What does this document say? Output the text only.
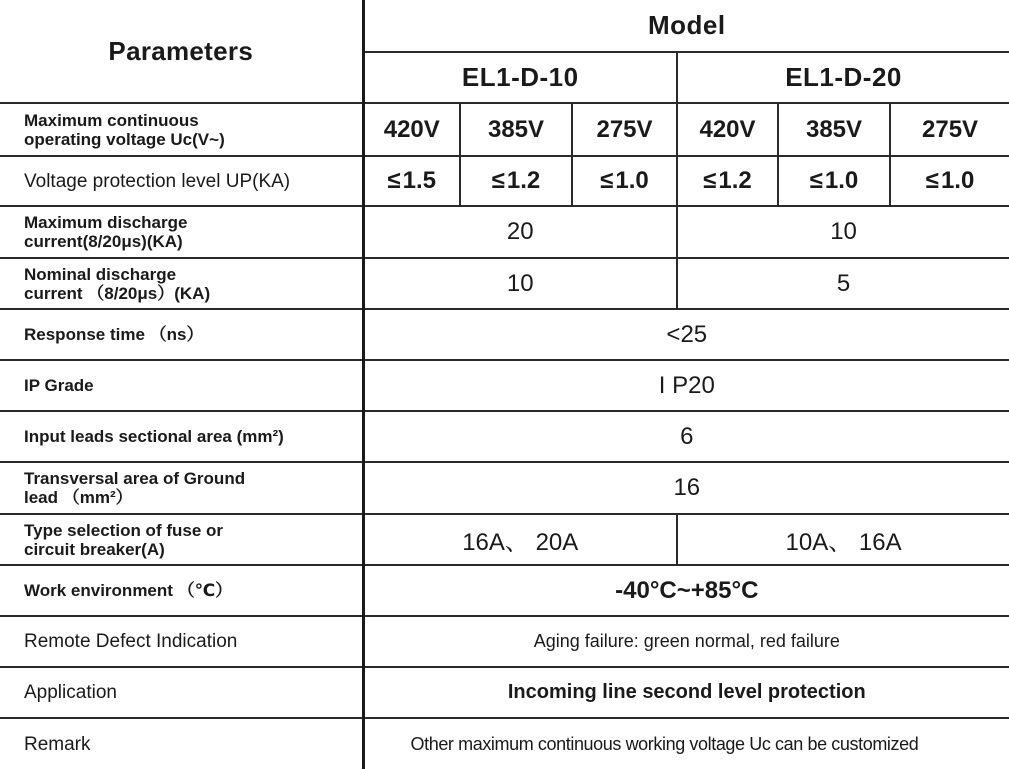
Parameters	Model					
	EL1-D-10			EL1-D-20		

Maximum continuous
operating voltage Uc(V~)	420V	385V	275V	420V	385V	275V

Voltage protection level UP(KA)	≤ 1.5	≤ 1.2	≤ 1.0	≤ 1.2	≤ 1.0	≤ 1.0

Maximum discharge
current(8/20μs)(KA)	20			10		

Nominal discharge
current （8/20μs）(KA)	10			5		

Response time （ns）	<25					

IP Grade	I P20					

Input leads sectional area (mm²)	6					

Transversal area of Ground
lead （mm²）	16					

Type selection of fuse or
circuit breaker(A)	16A、 20A			10A、 16A		

Work environment （℃）	-40°C~+85°C					

Remote Defect Indication	Aging failure: green normal, red failure					

Application	Incoming line second level protection					

Remark	Other maximum continuous working voltage Uc can be customized					
